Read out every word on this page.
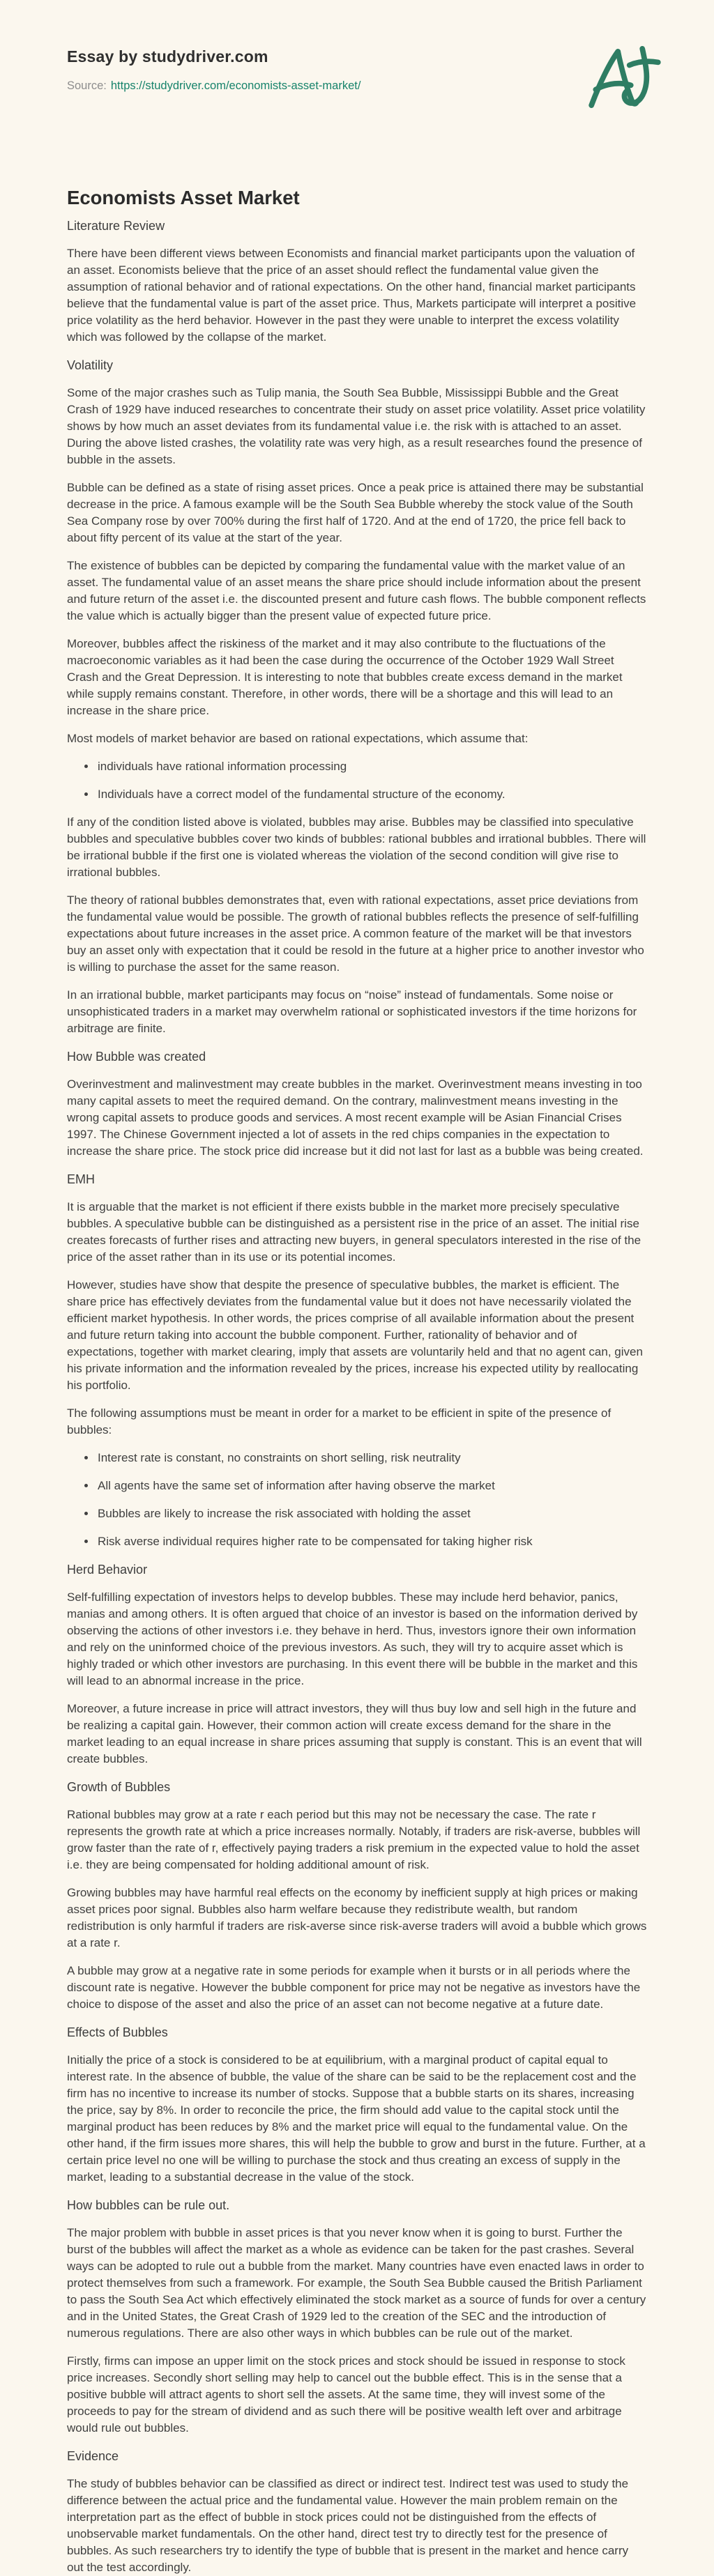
Essay by studydriver.com
Source: https://studydriver.com/economists-asset-market/
Economists Asset Market
Literature Review

There have been different views between Economists and financial market participants upon the valuation of an asset. Economists believe that the price of an asset should reflect the fundamental value given the assumption of rational behavior and of rational expectations. On the other hand, financial market participants believe that the fundamental value is part of the asset price. Thus, Markets participate will interpret a positive price volatility as the herd behavior. However in the past they were unable to interpret the excess volatility which was followed by the collapse of the market.

Volatility

Some of the major crashes such as Tulip mania, the South Sea Bubble, Mississippi Bubble and the Great Crash of 1929 have induced researches to concentrate their study on asset price volatility. Asset price volatility shows by how much an asset deviates from its fundamental value i.e. the risk with is attached to an asset. During the above listed crashes, the volatility rate was very high, as a result researches found the presence of bubble in the assets.

Bubble can be defined as a state of rising asset prices. Once a peak price is attained there may be substantial decrease in the price. A famous example will be the South Sea Bubble whereby the stock value of the South Sea Company rose by over 700% during the first half of 1720. And at the end of 1720, the price fell back to about fifty percent of its value at the start of the year.

The existence of bubbles can be depicted by comparing the fundamental value with the market value of an asset. The fundamental value of an asset means the share price should include information about the present and future return of the asset i.e. the discounted present and future cash flows. The bubble component reflects the value which is actually bigger than the present value of expected future price.

Moreover, bubbles affect the riskiness of the market and it may also contribute to the fluctuations of the macroeconomic variables as it had been the case during the occurrence of the October 1929 Wall Street Crash and the Great Depression. It is interesting to note that bubbles create excess demand in the market while supply remains constant. Therefore, in other words, there will be a shortage and this will lead to an increase in the share price.

Most models of market behavior are based on rational expectations, which assume that:

• individuals have rational information processing
• Individuals have a correct model of the fundamental structure of the economy.

If any of the condition listed above is violated, bubbles may arise. Bubbles may be classified into speculative bubbles and speculative bubbles cover two kinds of bubbles: rational bubbles and irrational bubbles. There will be irrational bubble if the first one is violated whereas the violation of the second condition will give rise to irrational bubbles.

The theory of rational bubbles demonstrates that, even with rational expectations, asset price deviations from the fundamental value would be possible. The growth of rational bubbles reflects the presence of self-fulfilling expectations about future increases in the asset price. A common feature of the market will be that investors buy an asset only with expectation that it could be resold in the future at a higher price to another investor who is willing to purchase the asset for the same reason.

In an irrational bubble, market participants may focus on “noise” instead of fundamentals. Some noise or unsophisticated traders in a market may overwhelm rational or sophisticated investors if the time horizons for arbitrage are finite.

How Bubble was created

Overinvestment and malinvestment may create bubbles in the market. Overinvestment means investing in too many capital assets to meet the required demand. On the contrary, malinvestment means investing in the wrong capital assets to produce goods and services. A most recent example will be Asian Financial Crises 1997. The Chinese Government injected a lot of assets in the red chips companies in the expectation to increase the share price. The stock price did increase but it did not last for last as a bubble was being created.

EMH

It is arguable that the market is not efficient if there exists bubble in the market more precisely speculative bubbles. A speculative bubble can be distinguished as a persistent rise in the price of an asset. The initial rise creates forecasts of further rises and attracting new buyers, in general speculators interested in the rise of the price of the asset rather than in its use or its potential incomes.

However, studies have show that despite the presence of speculative bubbles, the market is efficient. The share price has effectively deviates from the fundamental value but it does not have necessarily violated the efficient market hypothesis. In other words, the prices comprise of all available information about the present and future return taking into account the bubble component. Further, rationality of behavior and of expectations, together with market clearing, imply that assets are voluntarily held and that no agent can, given his private information and the information revealed by the prices, increase his expected utility by reallocating his portfolio.

The following assumptions must be meant in order for a market to be efficient in spite of the presence of bubbles:

• Interest rate is constant, no constraints on short selling, risk neutrality
• All agents have the same set of information after having observe the market
• Bubbles are likely to increase the risk associated with holding the asset
• Risk averse individual requires higher rate to be compensated for taking higher risk
Herd Behavior

Self-fulfilling expectation of investors helps to develop bubbles. These may include herd behavior, panics, manias and among others. It is often argued that choice of an investor is based on the information derived by observing the actions of other investors i.e. they behave in herd. Thus, investors ignore their own information and rely on the uninformed choice of the previous investors. As such, they will try to acquire asset which is highly traded or which other investors are purchasing. In this event there will be bubble in the market and this will lead to an abnormal increase in the price.

Moreover, a future increase in price will attract investors, they will thus buy low and sell high in the future and be realizing a capital gain. However, their common action will create excess demand for the share in the market leading to an equal increase in share prices assuming that supply is constant. This is an event that will create bubbles.

Growth of Bubbles

Rational bubbles may grow at a rate r each period but this may not be necessary the case. The rate r represents the growth rate at which a price increases normally. Notably, if traders are risk-averse, bubbles will grow faster than the rate of r, effectively paying traders a risk premium in the expected value to hold the asset i.e. they are being compensated for holding additional amount of risk.

Growing bubbles may have harmful real effects on the economy by inefficient supply at high prices or making asset prices poor signal. Bubbles also harm welfare because they redistribute wealth, but random redistribution is only harmful if traders are risk-averse since risk-averse traders will avoid a bubble which grows at a rate r.

A bubble may grow at a negative rate in some periods for example when it bursts or in all periods where the discount rate is negative. However the bubble component for price may not be negative as investors have the choice to dispose of the asset and also the price of an asset can not become negative at a future date.

Effects of Bubbles

Initially the price of a stock is considered to be at equilibrium, with a marginal product of capital equal to interest rate. In the absence of bubble, the value of the share can be said to be the replacement cost and the firm has no incentive to increase its number of stocks. Suppose that a bubble starts on its shares, increasing the price, say by 8%. In order to reconcile the price, the firm should add value to the capital stock until the marginal product has been reduces by 8% and the market price will equal to the fundamental value. On the other hand, if the firm issues more shares, this will help the bubble to grow and burst in the future. Further, at a certain price level no one will be willing to purchase the stock and thus creating an excess of supply in the market, leading to a substantial decrease in the value of the stock.

How bubbles can be rule out.

The major problem with bubble in asset prices is that you never know when it is going to burst. Further the burst of the bubbles will affect the market as a whole as evidence can be taken for the past crashes. Several ways can be adopted to rule out a bubble from the market. Many countries have even enacted laws in order to protect themselves from such a framework. For example, the South Sea Bubble caused the British Parliament to pass the South Sea Act which effectively eliminated the stock market as a source of funds for over a century and in the United States, the Great Crash of 1929 led to the creation of the SEC and the introduction of numerous regulations. There are also other ways in which bubbles can be rule out of the market.

Firstly, firms can impose an upper limit on the stock prices and stock should be issued in response to stock price increases. Secondly short selling may help to cancel out the bubble effect. This is in the sense that a positive bubble will attract agents to short sell the assets. At the same time, they will invest some of the proceeds to pay for the stream of dividend and as such there will be positive wealth left over and arbitrage would rule out bubbles.

Evidence

The study of bubbles behavior can be classified as direct or indirect test. Indirect test was used to study the difference between the actual price and the fundamental value. However the main problem remain on the interpretation part as the effect of bubble in stock prices could not be distinguished from the effects of unobservable market fundamentals. On the other hand, direct test try to directly test for the presence of bubbles. As such researchers try to identify the type of bubble that is present in the market and hence carry out the test accordingly.
